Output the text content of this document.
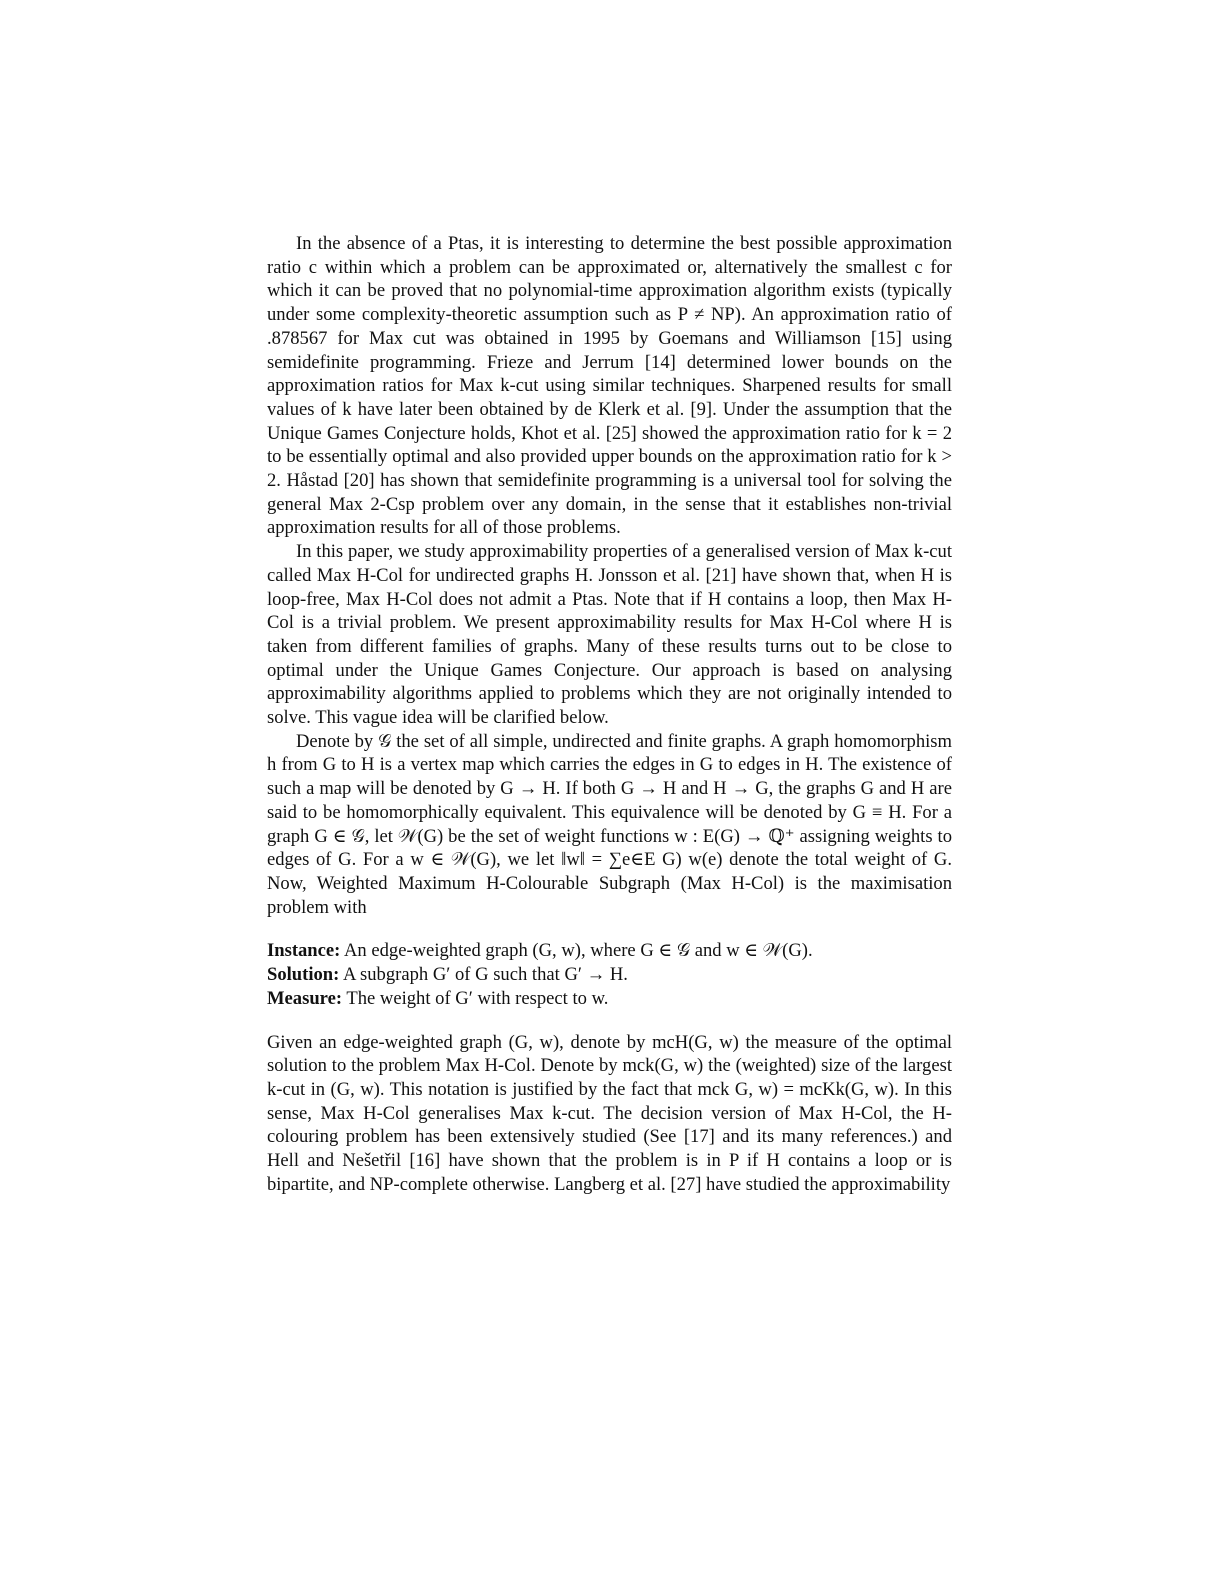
In the absence of a Ptas, it is interesting to determine the best possible approximation ratio c within which a problem can be approximated or, alternatively the smallest c for which it can be proved that no polynomial-time approximation algorithm exists (typically under some complexity-theoretic assumption such as P ≠ NP). An approximation ratio of .878567 for Max cut was obtained in 1995 by Goemans and Williamson [15] using semidefinite programming. Frieze and Jerrum [14] determined lower bounds on the approximation ratios for Max k-cut using similar techniques. Sharpened results for small values of k have later been obtained by de Klerk et al. [9]. Under the assumption that the Unique Games Conjecture holds, Khot et al. [25] showed the approximation ratio for k = 2 to be essentially optimal and also provided upper bounds on the approximation ratio for k > 2. Håstad [20] has shown that semidefinite programming is a universal tool for solving the general Max 2-Csp problem over any domain, in the sense that it establishes non-trivial approximation results for all of those problems.

In this paper, we study approximability properties of a generalised version of Max k-cut called Max H-Col for undirected graphs H. Jonsson et al. [21] have shown that, when H is loop-free, Max H-Col does not admit a Ptas. Note that if H contains a loop, then Max H-Col is a trivial problem. We present approximability results for Max H-Col where H is taken from different families of graphs. Many of these results turns out to be close to optimal under the Unique Games Conjecture. Our approach is based on analysing approximability algorithms applied to problems which they are not originally intended to solve. This vague idea will be clarified below.

Denote by 𝒢 the set of all simple, undirected and finite graphs. A graph homomorphism h from G to H is a vertex map which carries the edges in G to edges in H. The existence of such a map will be denoted by G → H. If both G → H and H → G, the graphs G and H are said to be homomorphically equivalent. This equivalence will be denoted by G ≡ H. For a graph G ∈ 𝒢, let 𝒲(G) be the set of weight functions w : E(G) → ℚ⁺ assigning weights to edges of G. For a w ∈ 𝒲(G), we let ‖w‖ = ∑e∈E G) w(e) denote the total weight of G. Now, Weighted Maximum H-Colourable Subgraph (Max H-Col) is the maximisation problem with

Instance: An edge-weighted graph (G, w), where G ∈ 𝒢 and w ∈ 𝒲(G).
Solution: A subgraph G′ of G such that G′ → H.
Measure: The weight of G′ with respect to w.

Given an edge-weighted graph (G, w), denote by mcH(G, w) the measure of the optimal solution to the problem Max H-Col. Denote by mck(G, w) the (weighted) size of the largest k-cut in (G, w). This notation is justified by the fact that mck G, w) = mcKk(G, w). In this sense, Max H-Col generalises Max k-cut. The decision version of Max H-Col, the H-colouring problem has been extensively studied (See [17] and its many references.) and Hell and Nešetřil [16] have shown that the problem is in P if H contains a loop or is bipartite, and NP-complete otherwise. Langberg et al. [27] have studied the approximability
